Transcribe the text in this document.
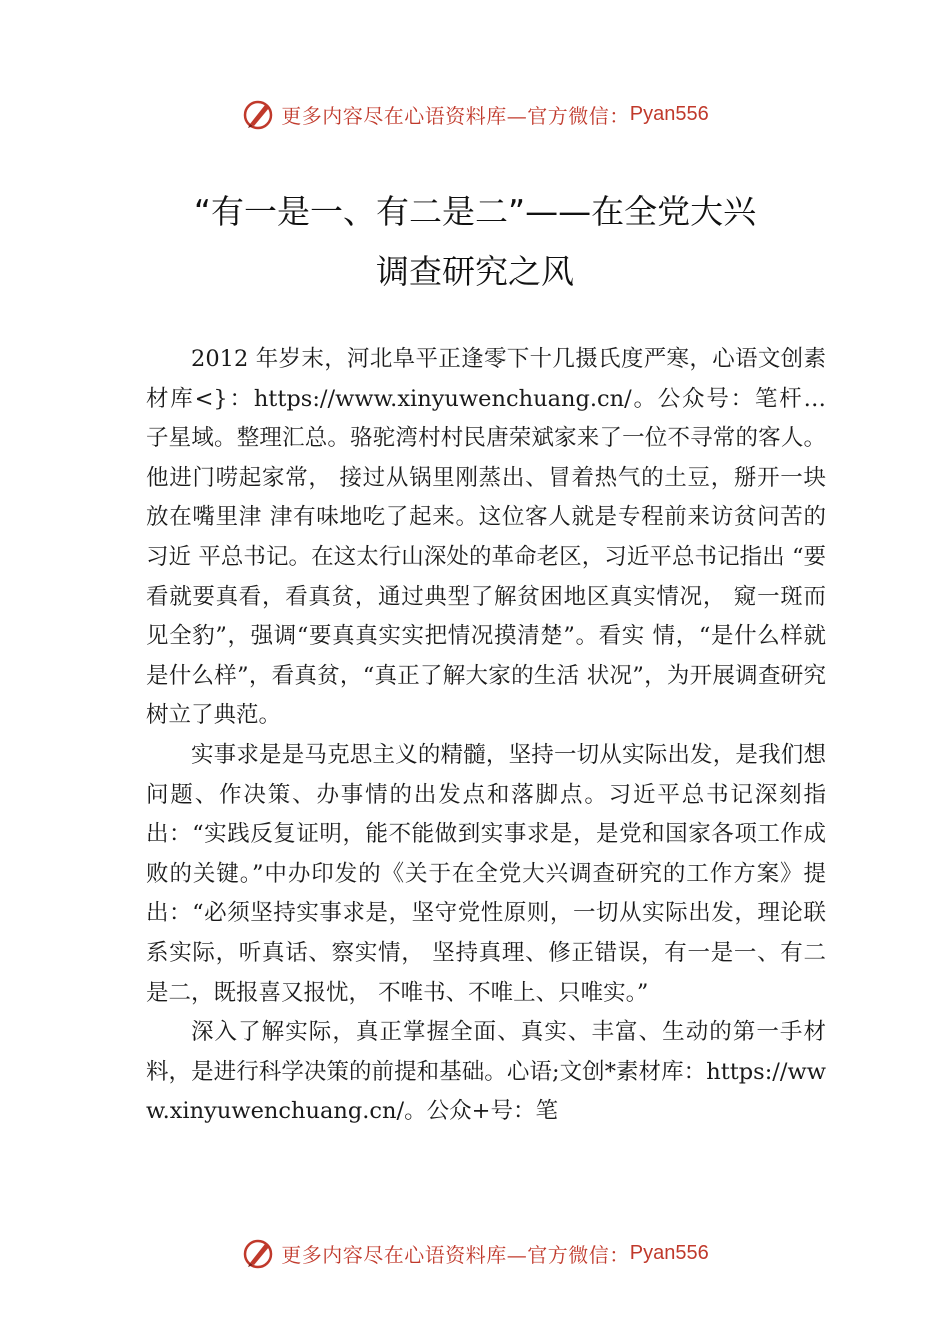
更多内容尽在心语资料库—官方微信： Pyan556
“有一是一、有二是二”——在全党大兴
调查研究之风

2012 年岁末，河北阜平正逢零下十几摄氏度严寒，心语文创素材库<}：https://www.xinyuwenchuang.cn/。公众号：笔杆…子星域。整理汇总。骆驼湾村村民唐荣斌家来了一位不寻常的客人。他进门唠起家常， 接过从锅里刚蒸出、冒着热气的土豆，掰开一块放在嘴里津 津有味地吃了起来。这位客人就是专程前来访贫问苦的习近 平总书记。在这太行山深处的革命老区，习近平总书记指出 “要看就要真看，看真贫，通过典型了解贫困地区真实情况， 窥一斑而见全豹”，强调“要真真实实把情况摸清楚”。看实 情，“是什么样就是什么样”，看真贫，“真正了解大家的生活 状况”，为开展调查研究树立了典范。

实事求是是马克思主义的精髓，坚持一切从实际出发，是我们想问题、作决策、办事情的出发点和落脚点。习近平总书记深刻指出：“实践反复证明，能不能做到实事求是，是党和国家各项工作成败的关键。”中办印发的《关于在全党大兴调查研究的工作方案》提出：“必须坚持实事求是，坚守党性原则，一切从实际出发，理论联系实际，听真话、察实情， 坚持真理、修正错误，有一是一、有二是二，既报喜又报忧， 不唯书、不唯上、只唯实。”

深入了解实际，真正掌握全面、真实、丰富、生动的第一手材料，是进行科学决策的前提和基础。心语;文创*素材库：https://www.xinyuwenchuang.cn/。公众+号：笔

更多内容尽在心语资料库—官方微信： Pyan556
